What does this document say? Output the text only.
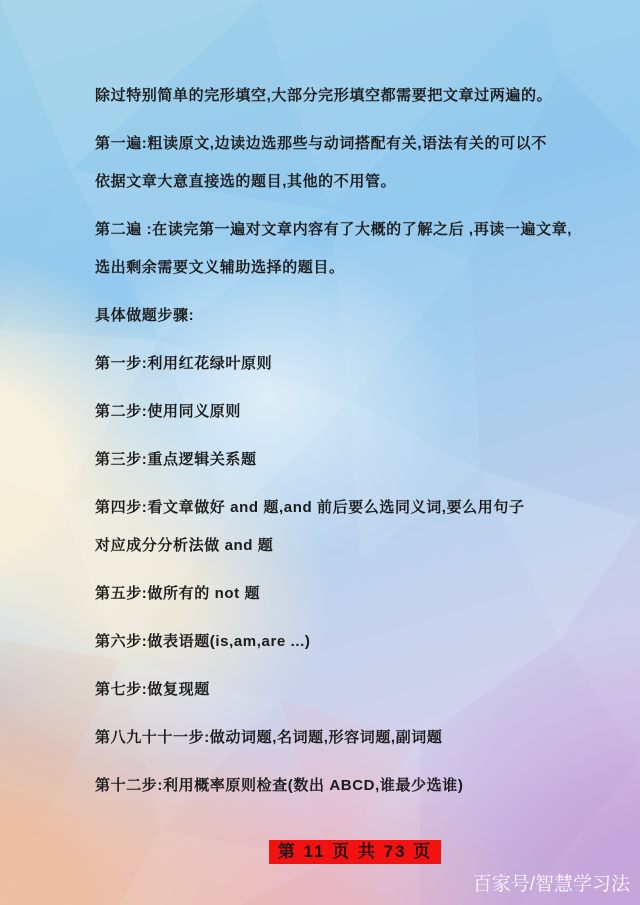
除过特别简单的完形填空,大部分完形填空都需要把文章过两遍的。
第一遍:粗读原文,边读边选那些与动词搭配有关,语法有关的可以不
依据文章大意直接选的题目,其他的不用管。
第二遍 :在读完第一遍对文章内容有了大概的了解之后 ,再读一遍文章,
选出剩余需要文义辅助选择的题目。
具体做题步骤:
第一步:利用红花绿叶原则
第二步:使用同义原则
第三步:重点逻辑关系题
第四步:看文章做好 and 题,and 前后要么选同义词,要么用句子
对应成分分析法做 and 题
第五步:做所有的 not 题
第六步:做表语题(is,am,are ...)
第七步:做复现题
第八九十十一步:做动词题,名词题,形容词题,副词题
第十二步:利用概率原则检查(数出 ABCD,谁最少选谁)
第 11 页 共 73 页
百家号/智慧学习法
